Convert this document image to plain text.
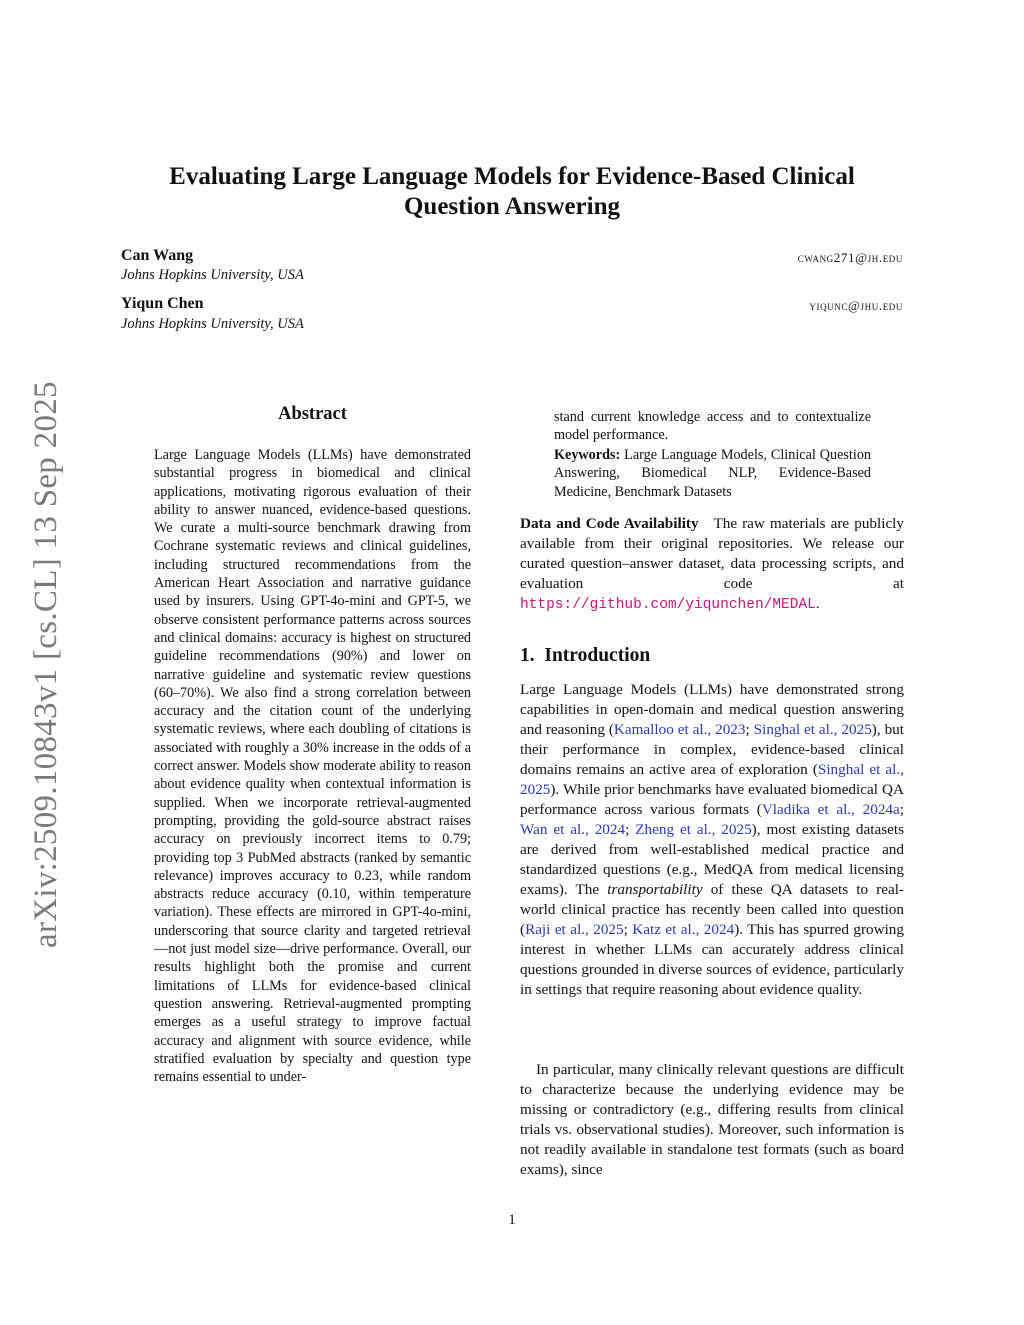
arXiv:2509.10843v1 [cs.CL] 13 Sep 2025
Evaluating Large Language Models for Evidence-Based Clinical
Question Answering
Can Wang	cwang271@jh.edu
Johns Hopkins University, USA
Yiqun Chen	yiqunc@jhu.edu
Johns Hopkins University, USA
Abstract
Large Language Models (LLMs) have demonstrated substantial progress in biomedical and clinical applications, motivating rigorous evaluation of their ability to answer nuanced, evidence-based questions. We curate a multi-source benchmark drawing from Cochrane systematic reviews and clinical guidelines, including structured recommendations from the American Heart Association and narrative guidance used by insurers. Using GPT-4o-mini and GPT-5, we observe consistent performance patterns across sources and clinical domains: accuracy is highest on structured guideline recommendations (90%) and lower on narrative guideline and systematic review questions (60–70%). We also find a strong correlation between accuracy and the citation count of the underlying systematic reviews, where each doubling of citations is associated with roughly a 30% increase in the odds of a correct answer. Models show moderate ability to reason about evidence quality when contextual information is supplied. When we incorporate retrieval-augmented prompting, providing the gold-source abstract raises accuracy on previously incorrect items to 0.79; providing top 3 PubMed abstracts (ranked by semantic relevance) improves accuracy to 0.23, while random abstracts reduce accuracy (0.10, within temperature variation). These effects are mirrored in GPT-4o-mini, underscoring that source clarity and targeted retrieval—not just model size—drive performance. Overall, our results highlight both the promise and current limitations of LLMs for evidence-based clinical question answering. Retrieval-augmented prompting emerges as a useful strategy to improve factual accuracy and alignment with source evidence, while stratified evaluation by specialty and question type remains essential to under-
stand current knowledge access and to contextualize model performance.
Keywords: Large Language Models, Clinical Question Answering, Biomedical NLP, Evidence-Based Medicine, Benchmark Datasets
Data and Code Availability The raw materials are publicly available from their original repositories. We release our curated question–answer dataset, data processing scripts, and evaluation code at https://github.com/yiqunchen/MEDAL.
1. Introduction
Large Language Models (LLMs) have demonstrated strong capabilities in open-domain and medical question answering and reasoning (Kamalloo et al., 2023; Singhal et al., 2025), but their performance in complex, evidence-based clinical domains remains an active area of exploration (Singhal et al., 2025). While prior benchmarks have evaluated biomedical QA performance across various formats (Vladika et al., 2024a; Wan et al., 2024; Zheng et al., 2025), most existing datasets are derived from well-established medical practice and standardized questions (e.g., MedQA from medical licensing exams). The transportability of these QA datasets to real-world clinical practice has recently been called into question (Raji et al., 2025; Katz et al., 2024). This has spurred growing interest in whether LLMs can accurately address clinical questions grounded in diverse sources of evidence, particularly in settings that require reasoning about evidence quality.
In particular, many clinically relevant questions are difficult to characterize because the underlying evidence may be missing or contradictory (e.g., differing results from clinical trials vs. observational studies). Moreover, such information is not readily available in standalone test formats (such as board exams), since
1
